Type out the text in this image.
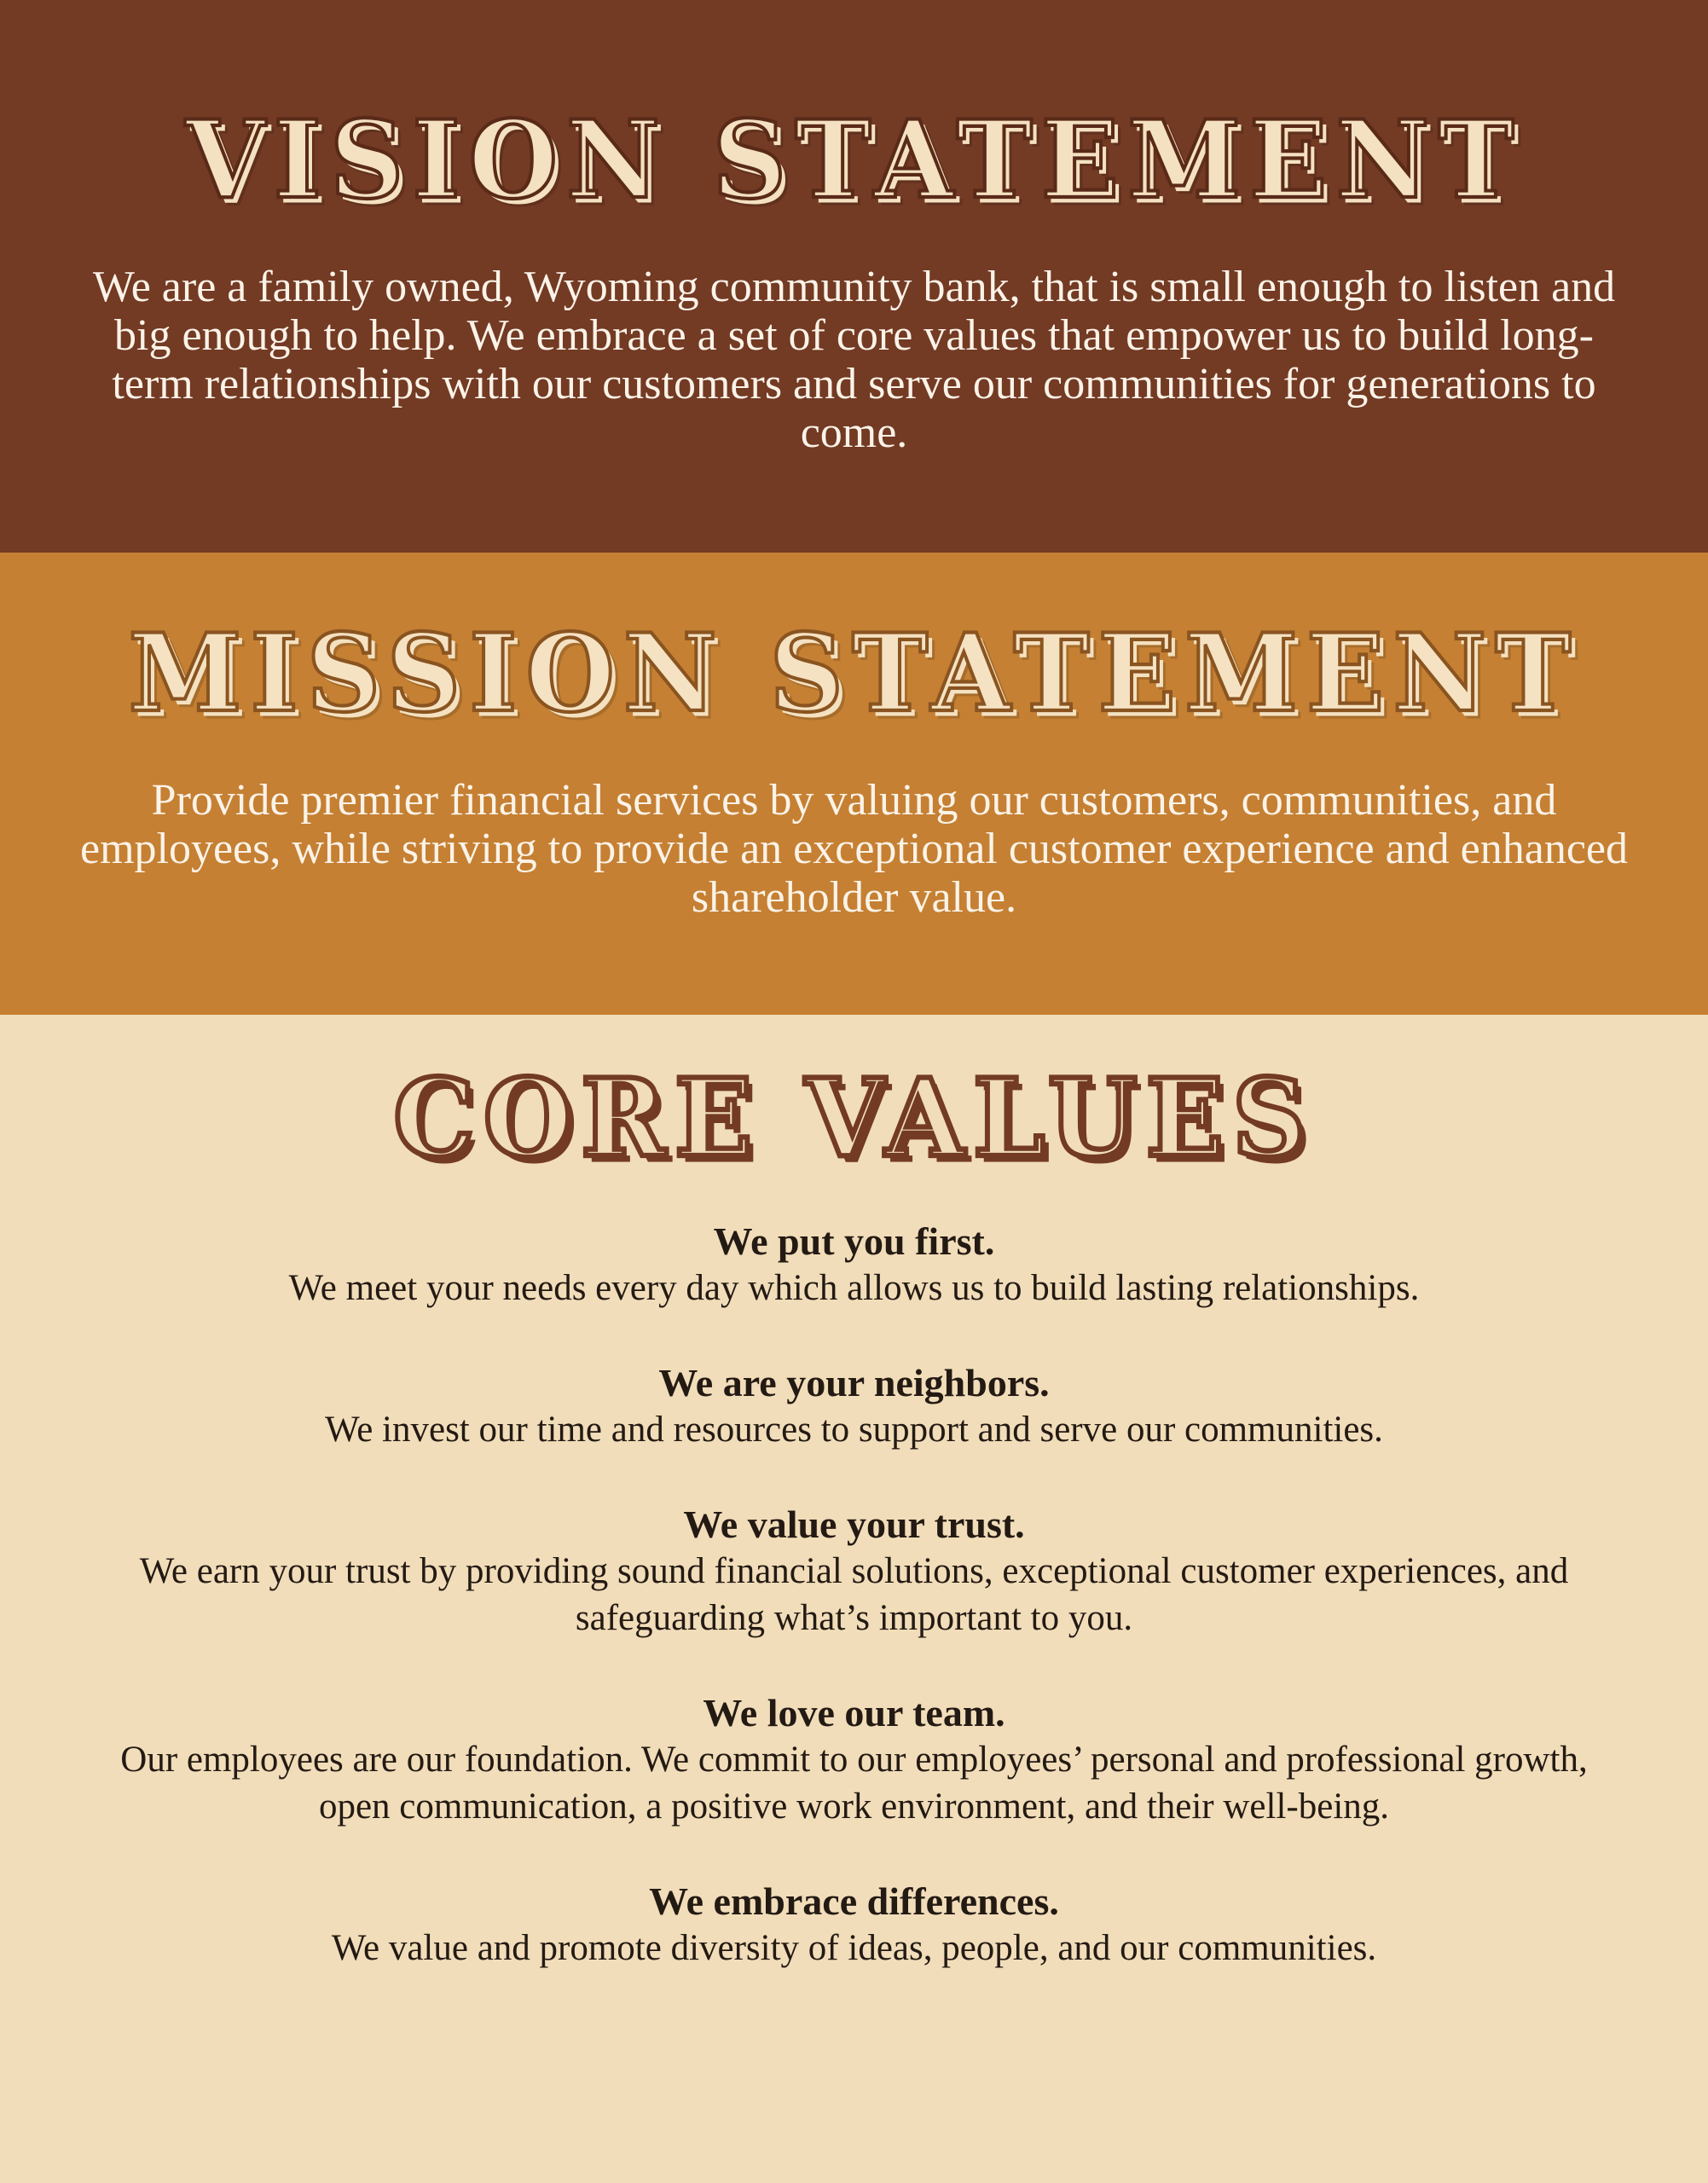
VISION STATEMENT

We are a family owned, Wyoming community bank, that is small enough to listen and big enough to help. We embrace a set of core values that empower us to build long-term relationships with our customers and serve our communities for generations to come.

MISSION STATEMENT

Provide premier financial services by valuing our customers, communities, and employees, while striving to provide an exceptional customer experience and enhanced shareholder value.

CORE VALUES
We put you first.
We meet your needs every day which allows us to build lasting relationships.
We are your neighbors.
We invest our time and resources to support and serve our communities.
We value your trust.
We earn your trust by providing sound financial solutions, exceptional customer experiences, and safeguarding what’s important to you.
We love our team.
Our employees are our foundation. We commit to our employees’ personal and professional growth, open communication, a positive work environment, and their well-being.
We embrace differences.
We value and promote diversity of ideas, people, and our communities.
